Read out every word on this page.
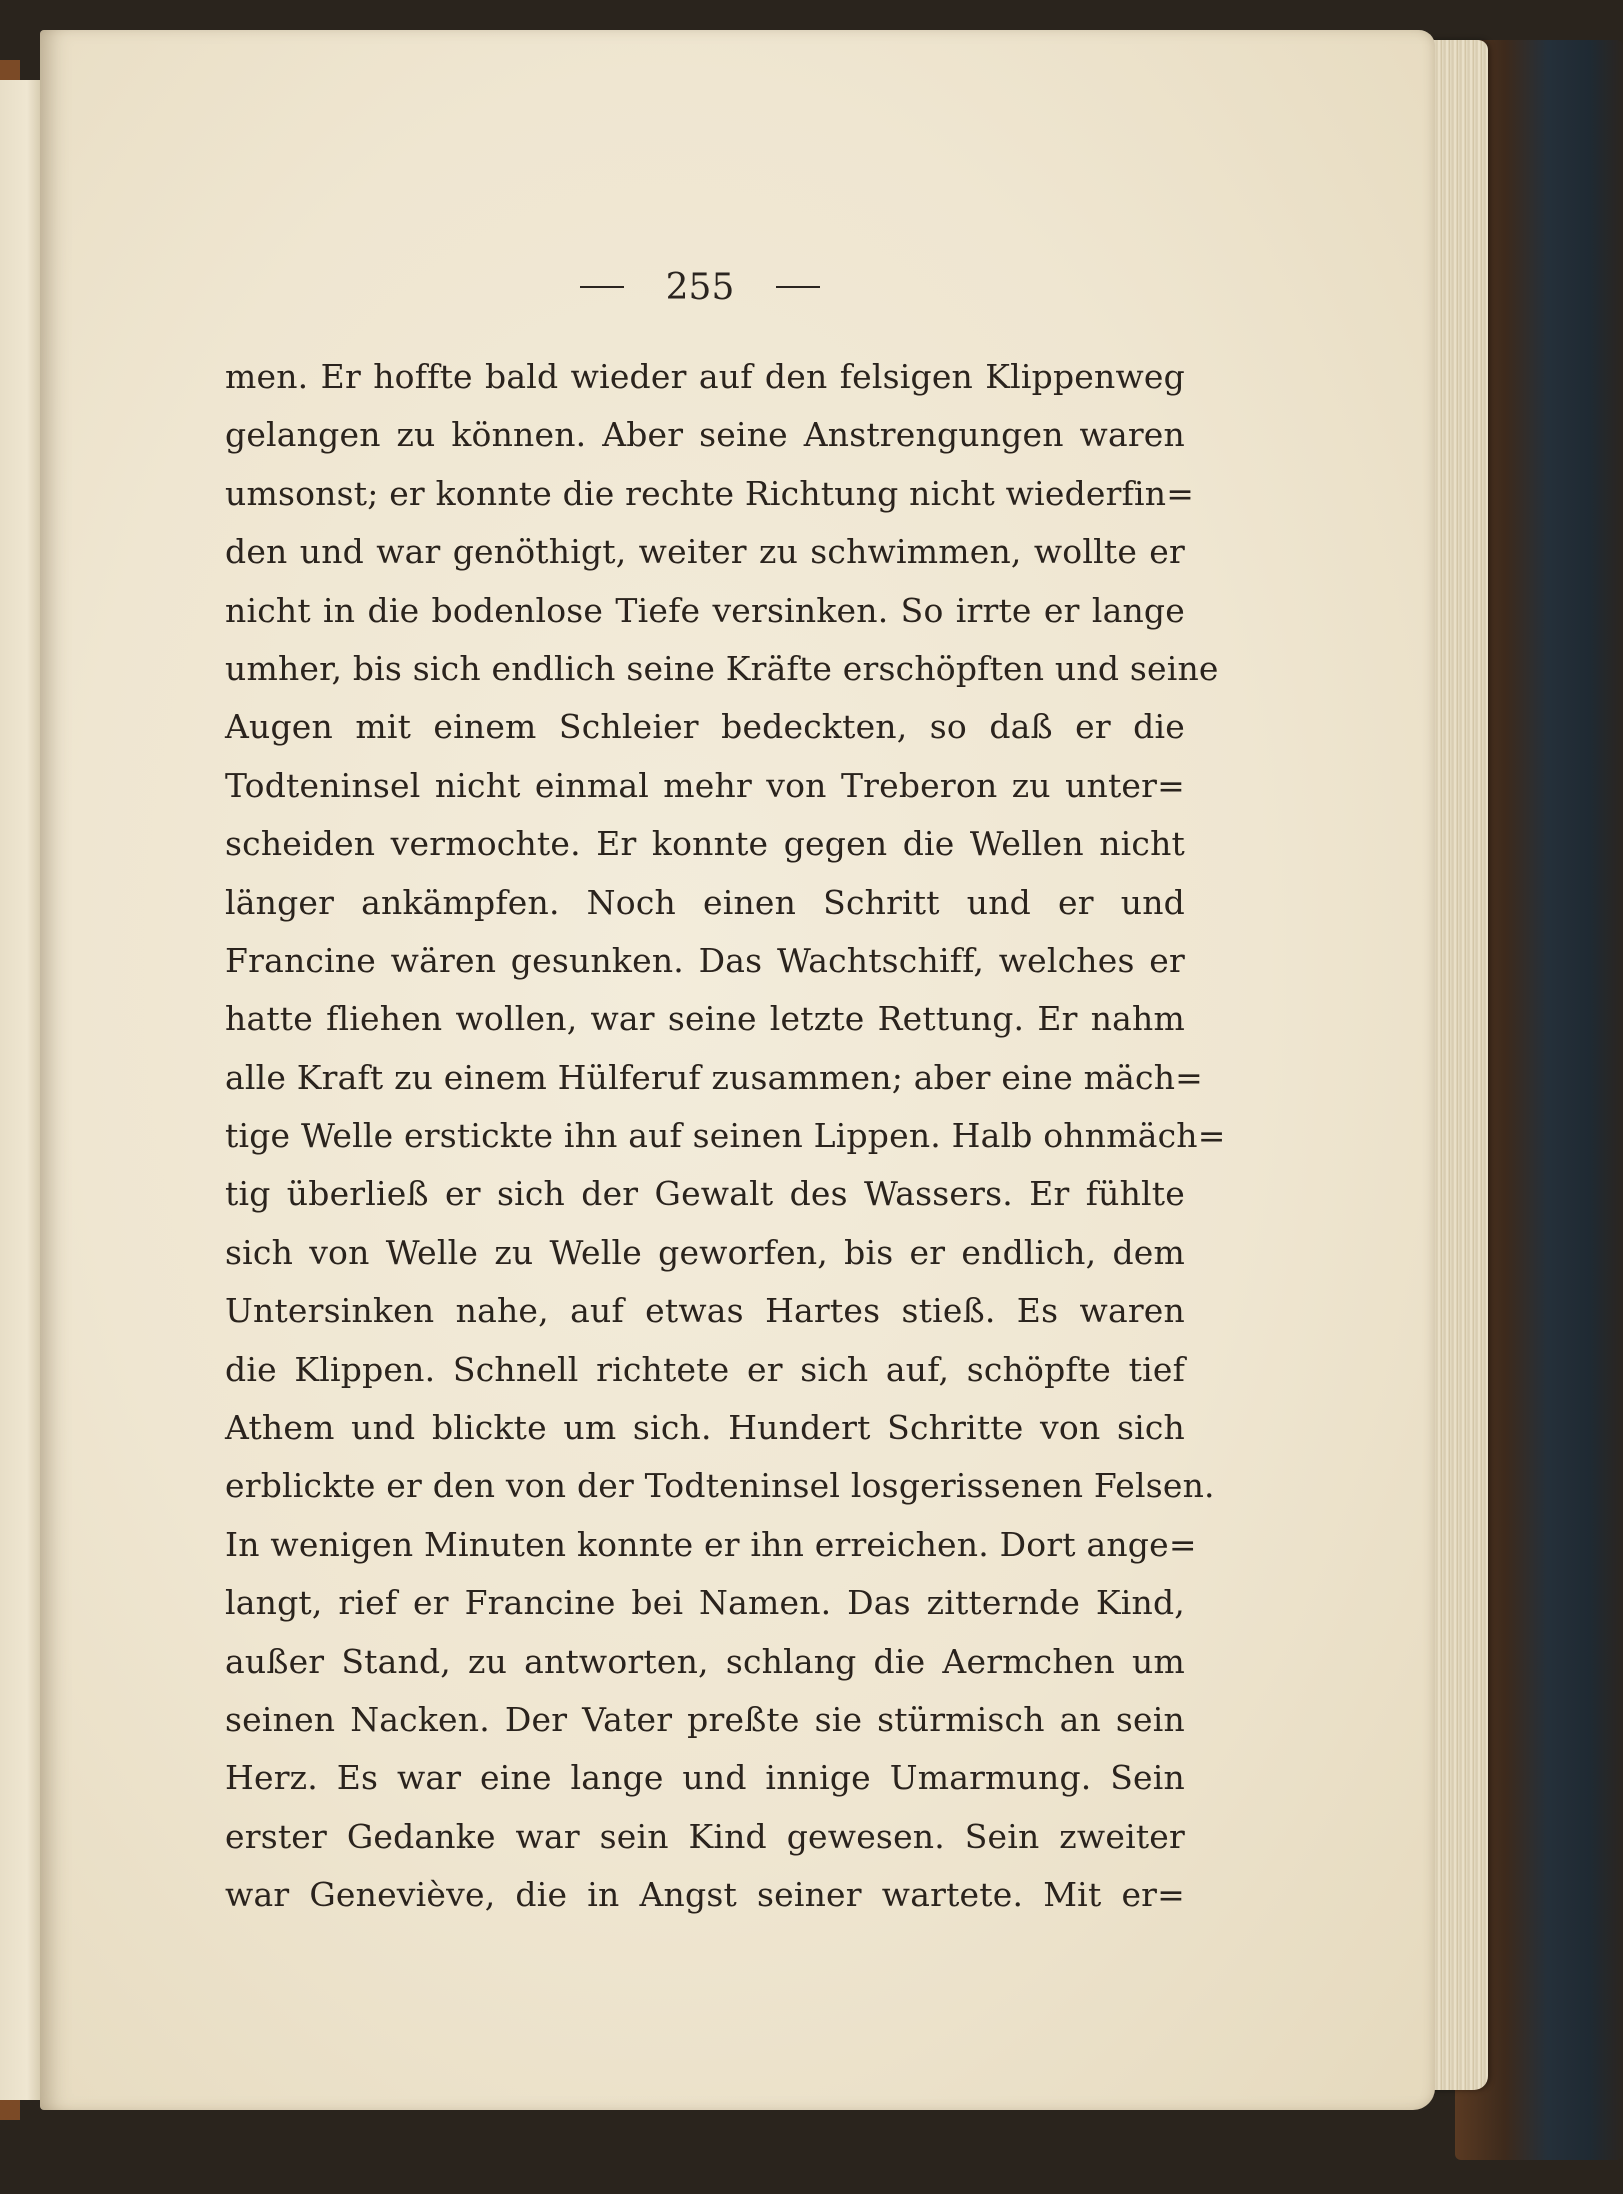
255
men. Er hoffte bald wieder auf den felsigen Klippenweg
gelangen zu können. Aber seine Anstrengungen waren
umsonst; er konnte die rechte Richtung nicht wiederfin=
den und war genöthigt, weiter zu schwimmen, wollte er
nicht in die bodenlose Tiefe versinken. So irrte er lange
umher, bis sich endlich seine Kräfte erschöpften und seine
Augen mit einem Schleier bedeckten, so daß er die
Todteninsel nicht einmal mehr von Treberon zu unter=
scheiden vermochte. Er konnte gegen die Wellen nicht
länger ankämpfen. Noch einen Schritt und er und
Francine wären gesunken. Das Wachtschiff, welches er
hatte fliehen wollen, war seine letzte Rettung. Er nahm
alle Kraft zu einem Hülferuf zusammen; aber eine mäch=
tige Welle erstickte ihn auf seinen Lippen. Halb ohnmäch=
tig überließ er sich der Gewalt des Wassers. Er fühlte
sich von Welle zu Welle geworfen, bis er endlich, dem
Untersinken nahe, auf etwas Hartes stieß. Es waren
die Klippen. Schnell richtete er sich auf, schöpfte tief
Athem und blickte um sich. Hundert Schritte von sich
erblickte er den von der Todteninsel losgerissenen Felsen.
In wenigen Minuten konnte er ihn erreichen. Dort ange=
langt, rief er Francine bei Namen. Das zitternde Kind,
außer Stand, zu antworten, schlang die Aermchen um
seinen Nacken. Der Vater preßte sie stürmisch an sein
Herz. Es war eine lange und innige Umarmung. Sein
erster Gedanke war sein Kind gewesen. Sein zweiter
war Geneviève, die in Angst seiner wartete. Mit er=
